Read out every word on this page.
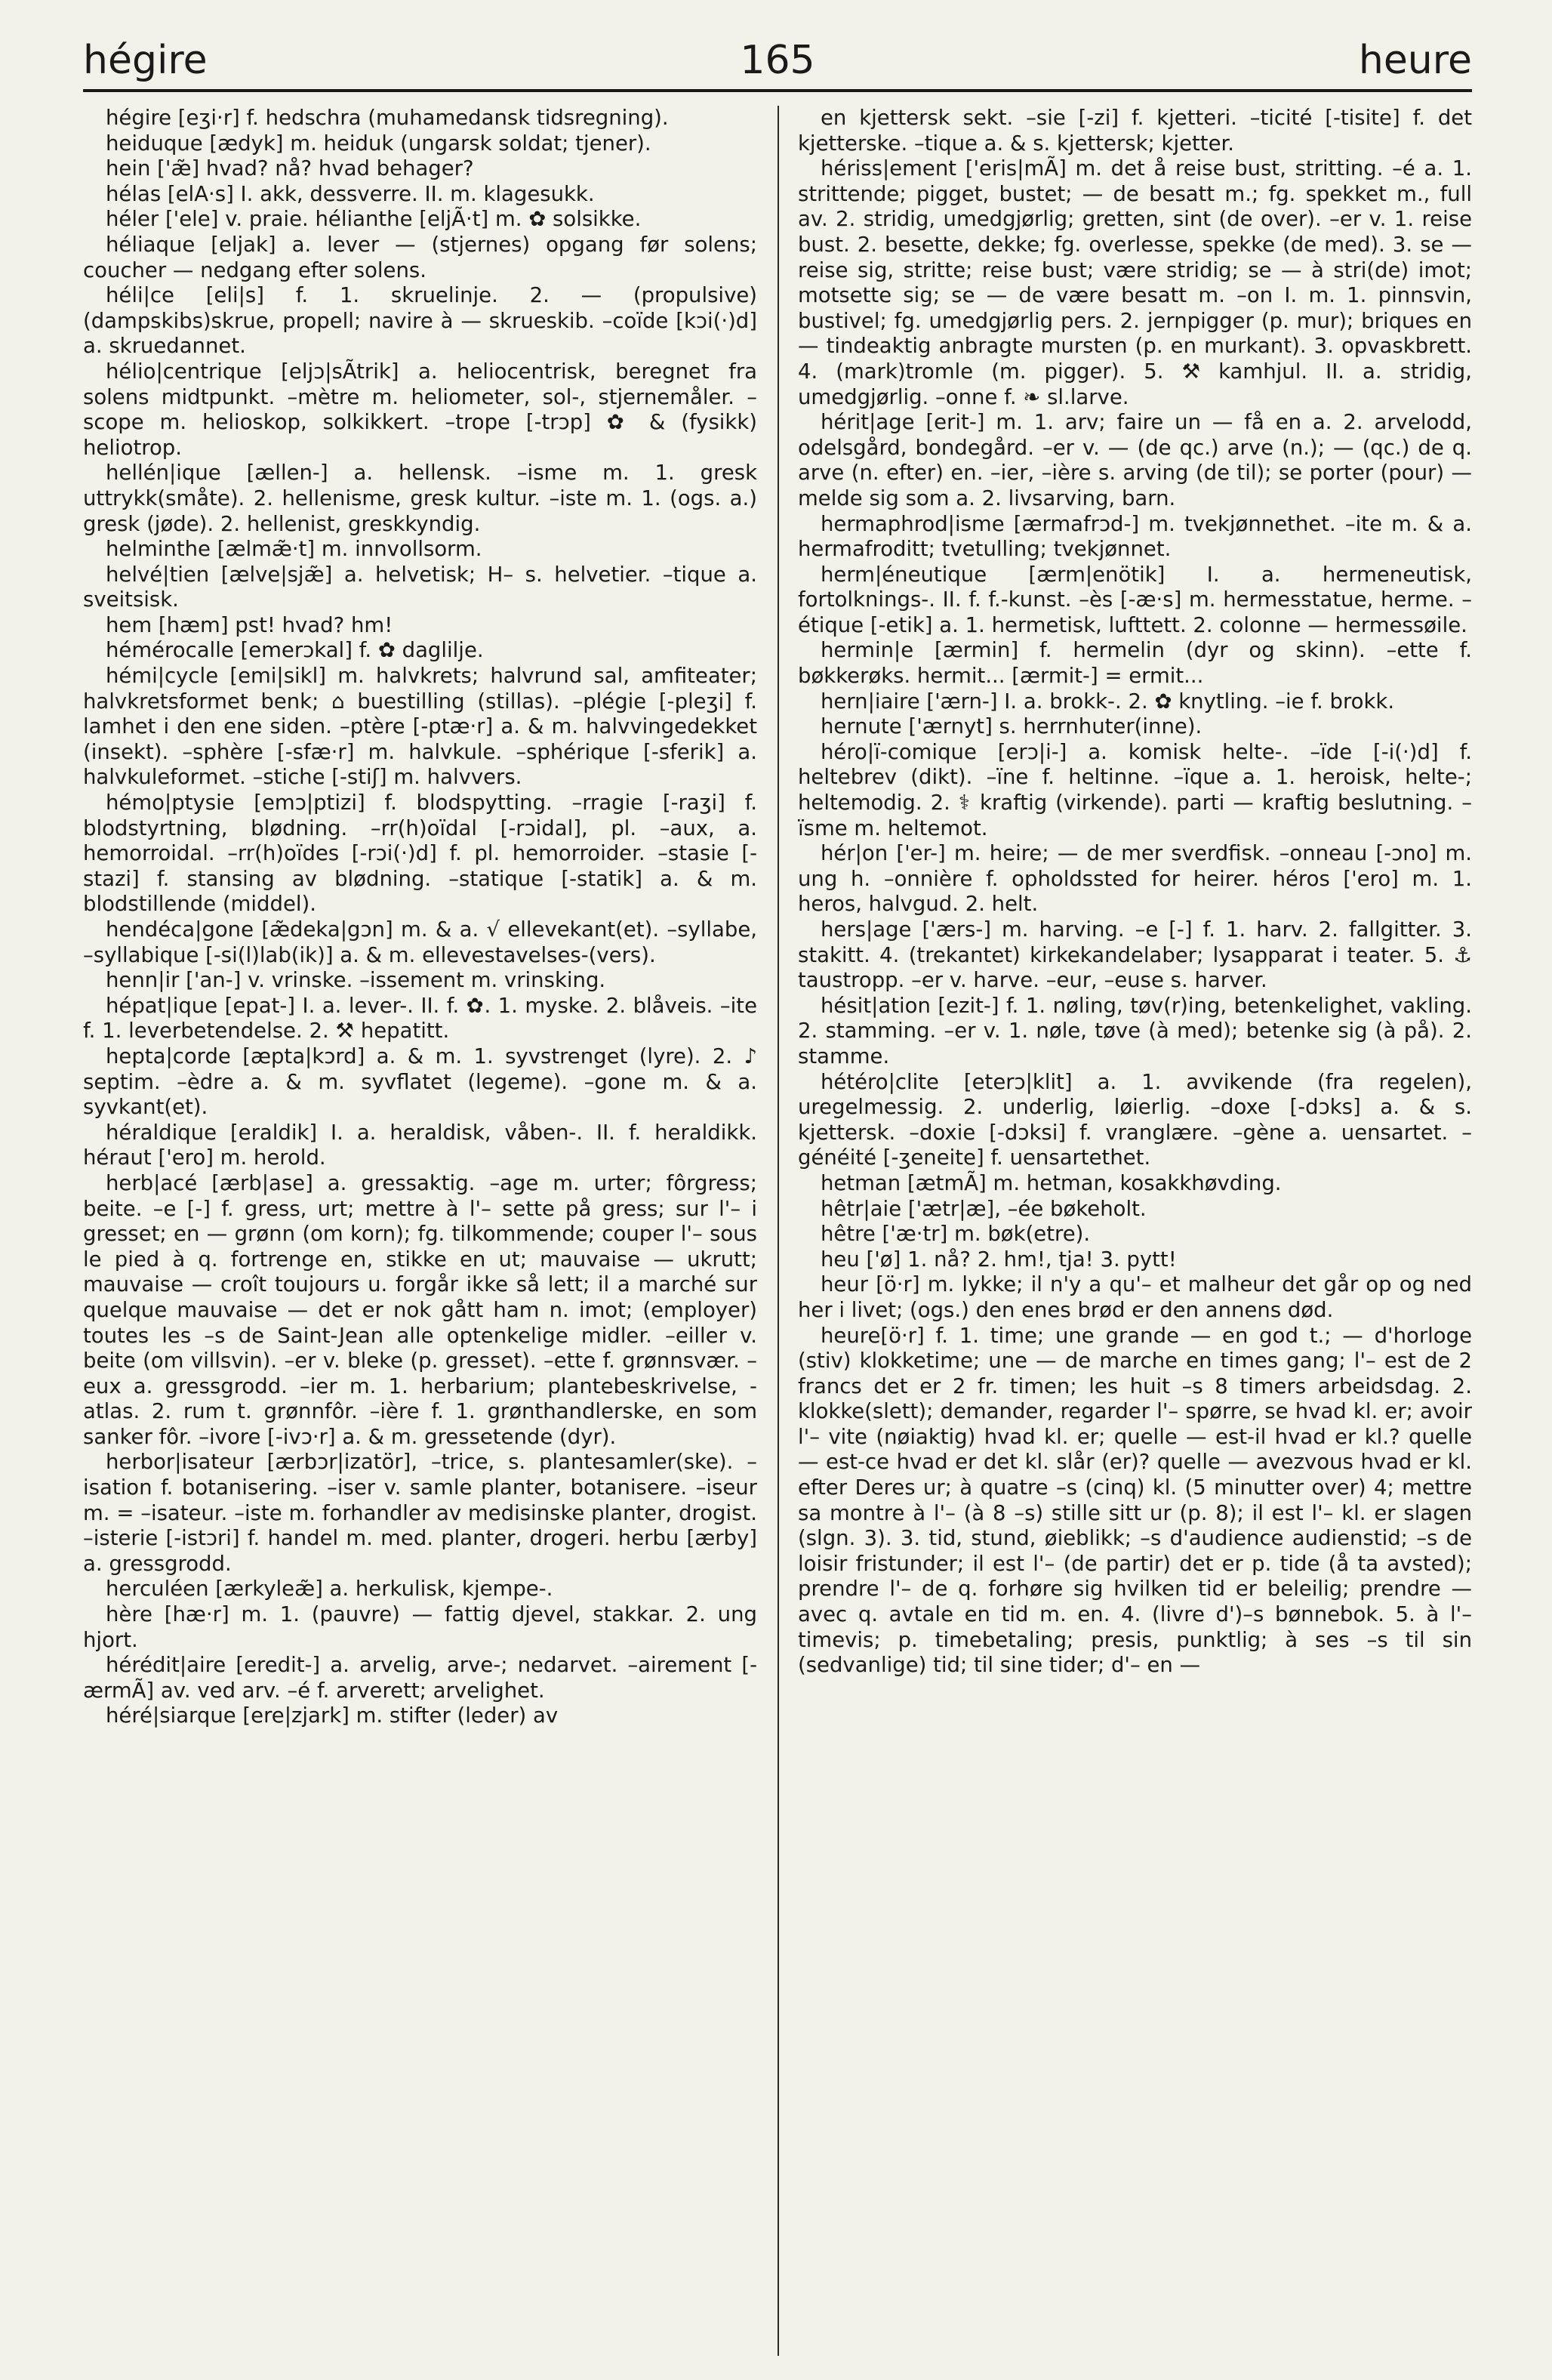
hégire	165	heure

hégire [eʒi·r] f. hedschra (muhamedansk tidsregning).

heiduque [ædyk] m. heiduk (ungarsk soldat; tjener).

hein ['æ̃] hvad? nå? hvad behager?

hélas [elA·s] I. akk, dessverre. II. m. klagesukk.

héler ['ele] v. praie. hélianthe [eljÃ·t] m. ✿ solsikke.

héliaque [eljak] a. lever — (stjernes) opgang før solens; coucher — nedgang efter solens.

héli|ce [eli|s] f. 1. skruelinje. 2. — (propulsive) (dampskibs)skrue, propell; navire à — skrueskib. –coïde [kɔi(·)d] a. skruedannet.

hélio|centrique [eljɔ|sÃtrik] a. heliocentrisk, beregnet fra solens midtpunkt. –mètre m. heliometer, sol-, stjernemåler. –scope m. helioskop, solkikkert. –trope [-trɔp] ✿ & (fysikk) heliotrop.

hellén|ique [ællen-] a. hellensk. –isme m. 1. gresk uttrykk(småte). 2. hellenisme, gresk kultur. –iste m. 1. (ogs. a.) gresk (jøde). 2. hellenist, greskkyndig.

helminthe [ælmæ̃·t] m. innvollsorm.

helvé|tien [ælve|sjæ̃] a. helvetisk; H– s. helvetier. –tique a. sveitsisk.

hem [hæm] pst! hvad? hm!

hémérocalle [emerɔkal] f. ✿ daglilje.

hémi|cycle [emi|sikl] m. halvkrets; halvrund sal, amfiteater; halvkretsformet benk; ⌂ buestilling (stillas). –plégie [-pleʒi] f. lamhet i den ene siden. –ptère [-ptæ·r] a. & m. halvvingedekket (insekt). –sphère [-sfæ·r] m. halvkule. –sphérique [-sferik] a. halvkuleformet. –stiche [-stiʃ] m. halvvers.

hémo|ptysie [emɔ|ptizi] f. blodspytting. –rragie [-raʒi] f. blodstyrtning, blødning. –rr(h)oïdal [-rɔidal], pl. –aux, a. hemorroidal. –rr(h)oïdes [-rɔi(·)d] f. pl. hemorroider. –stasie [-stazi] f. stansing av blødning. –statique [-statik] a. & m. blodstillende (middel).

hendéca|gone [æ̃deka|gɔn] m. & a. √ ellevekant(et). –syllabe, –syllabique [-si(l)lab(ik)] a. & m. ellevestavelses-(vers).

henn|ir ['an-] v. vrinske. –issement m. vrinsking.

hépat|ique [epat-] I. a. lever-. II. f. ✿. 1. myske. 2. blåveis. –ite f. 1. leverbetendelse. 2. ⚒ hepatitt.

hepta|corde [æpta|kɔrd] a. & m. 1. syvstrenget (lyre). 2. ♪ septim. –èdre a. & m. syvflatet (legeme). –gone m. & a. syvkant(et).

héraldique [eraldik] I. a. heraldisk, våben-. II. f. heraldikk. héraut ['ero] m. herold.

herb|acé [ærb|ase] a. gressaktig. –age m. urter; fôrgress; beite. –e [-] f. gress, urt; mettre à l'– sette på gress; sur l'– i gresset; en — grønn (om korn); fg. tilkommende; couper l'– sous le pied à q. fortrenge en, stikke en ut; mauvaise — ukrutt; mauvaise — croît toujours u. forgår ikke så lett; il a marché sur quelque mauvaise — det er nok gått ham n. imot; (employer) toutes les –s de Saint-Jean alle optenkelige midler. –eiller v. beite (om villsvin). –er v. bleke (p. gresset). –ette f. grønnsvær. –eux a. gressgrodd. –ier m. 1. herbarium; plantebeskrivelse, -atlas. 2. rum t. grønnfôr. –ière f. 1. grønthandlerske, en som sanker fôr. –ivore [-ivɔ·r] a. & m. gressetende (dyr).

herbor|isateur [ærbɔr|izatör], –trice, s. plantesamler(ske). –isation f. botanisering. –iser v. samle planter, botanisere. –iseur m. = –isateur. –iste m. forhandler av medisinske planter, drogist. –isterie [-istɔri] f. handel m. med. planter, drogeri. herbu [ærby] a. gressgrodd.

herculéen [ærkyleæ̃] a. herkulisk, kjempe-.

hère [hæ·r] m. 1. (pauvre) — fattig djevel, stakkar. 2. ung hjort.

hérédit|aire [eredit-] a. arvelig, arve-; nedarvet. –airement [-ærmÃ] av. ved arv. –é f. arverett; arvelighet.

héré|siarque [ere|zjark] m. stifter (leder) av

en kjettersk sekt. –sie [-zi] f. kjetteri. –ticité [-tisite] f. det kjetterske. –tique a. & s. kjettersk; kjetter.

hériss|ement ['eris|mÃ] m. det å reise bust, stritting. –é a. 1. strittende; pigget, bustet; — de besatt m.; fg. spekket m., full av. 2. stridig, umedgjørlig; gretten, sint (de over). –er v. 1. reise bust. 2. besette, dekke; fg. overlesse, spekke (de med). 3. se — reise sig, stritte; reise bust; være stridig; se — à stri(de) imot; motsette sig; se — de være besatt m. –on I. m. 1. pinnsvin, bustivel; fg. umedgjørlig pers. 2. jernpigger (p. mur); briques en — tindeaktig anbragte mursten (p. en murkant). 3. opvaskbrett. 4. (mark)tromle (m. pigger). 5. ⚒ kamhjul. II. a. stridig, umedgjørlig. –onne f. ❧ sl.larve.

hérit|age [erit-] m. 1. arv; faire un — få en a. 2. arvelodd, odelsgård, bondegård. –er v. — (de qc.) arve (n.); — (qc.) de q. arve (n. efter) en. –ier, –ière s. arving (de til); se porter (pour) — melde sig som a. 2. livsarving, barn.

hermaphrod|isme [ærmafrɔd-] m. tvekjønnethet. –ite m. & a. hermafroditt; tvetulling; tvekjønnet.

herm|éneutique [ærm|enötik] I. a. hermeneutisk, fortolknings-. II. f. f.-kunst. –ès [-æ·s] m. hermesstatue, herme. –étique [-etik] a. 1. hermetisk, lufttett. 2. colonne — hermessøile.

hermin|e [ærmin] f. hermelin (dyr og skinn). –ette f. bøkkerøks. hermit... [ærmit-] = ermit...

hern|iaire ['ærn-] I. a. brokk-. 2. ✿ knytling. –ie f. brokk.

hernute ['ærnyt] s. herrnhuter(inne).

héro|ï-comique [erɔ|i-] a. komisk helte-. –ïde [-i(·)d] f. heltebrev (dikt). –ïne f. heltinne. –ïque a. 1. heroisk, helte-; heltemodig. 2. ⚕ kraftig (virkende). parti — kraftig beslutning. –ïsme m. heltemot.

hér|on ['er-] m. heire; — de mer sverdfisk. –onneau [-ɔno] m. ung h. –onnière f. opholdssted for heirer. héros ['ero] m. 1. heros, halvgud. 2. helt.

hers|age ['ærs-] m. harving. –e [-] f. 1. harv. 2. fallgitter. 3. stakitt. 4. (trekantet) kirkekandelaber; lysapparat i teater. 5. ⚓ taustropp. –er v. harve. –eur, –euse s. harver.

hésit|ation [ezit-] f. 1. nøling, tøv(r)ing, betenkelighet, vakling. 2. stamming. –er v. 1. nøle, tøve (à med); betenke sig (à på). 2. stamme.

hétéro|clite [eterɔ|klit] a. 1. avvikende (fra regelen), uregelmessig. 2. underlig, løierlig. –doxe [-dɔks] a. & s. kjettersk. –doxie [-dɔksi] f. vranglære. –gène a. uensartet. –généité [-ʒeneite] f. uensartethet.

hetman [ætmÃ] m. hetman, kosakkhøvding.

hêtr|aie ['ætr|æ], –ée bøkeholt.

hêtre ['æ·tr] m. bøk(etre).

heu ['ø] 1. nå? 2. hm!, tja! 3. pytt!

heur [ö·r] m. lykke; il n'y a qu'– et malheur det går op og ned her i livet; (ogs.) den enes brød er den annens død.

heure[ö·r] f. 1. time; une grande — en god t.; — d'horloge (stiv) klokketime; une — de marche en times gang; l'– est de 2 francs det er 2 fr. timen; les huit –s 8 timers arbeidsdag. 2. klokke(slett); demander, regarder l'– spørre, se hvad kl. er; avoir l'– vite (nøiaktig) hvad kl. er; quelle — est-il hvad er kl.? quelle — est-ce hvad er det kl. slår (er)? quelle — avezvous hvad er kl. efter Deres ur; à quatre –s (cinq) kl. (5 minutter over) 4; mettre sa montre à l'– (à 8 –s) stille sitt ur (p. 8); il est l'– kl. er slagen (slgn. 3). 3. tid, stund, øieblikk; –s d'audience audienstid; –s de loisir fristunder; il est l'– (de partir) det er p. tide (å ta avsted); prendre l'– de q. forhøre sig hvilken tid er beleilig; prendre — avec q. avtale en tid m. en. 4. (livre d')–s bønnebok. 5. à l'– timevis; p. timebetaling; presis, punktlig; à ses –s til sin (sedvanlige) tid; til sine tider; d'– en —
